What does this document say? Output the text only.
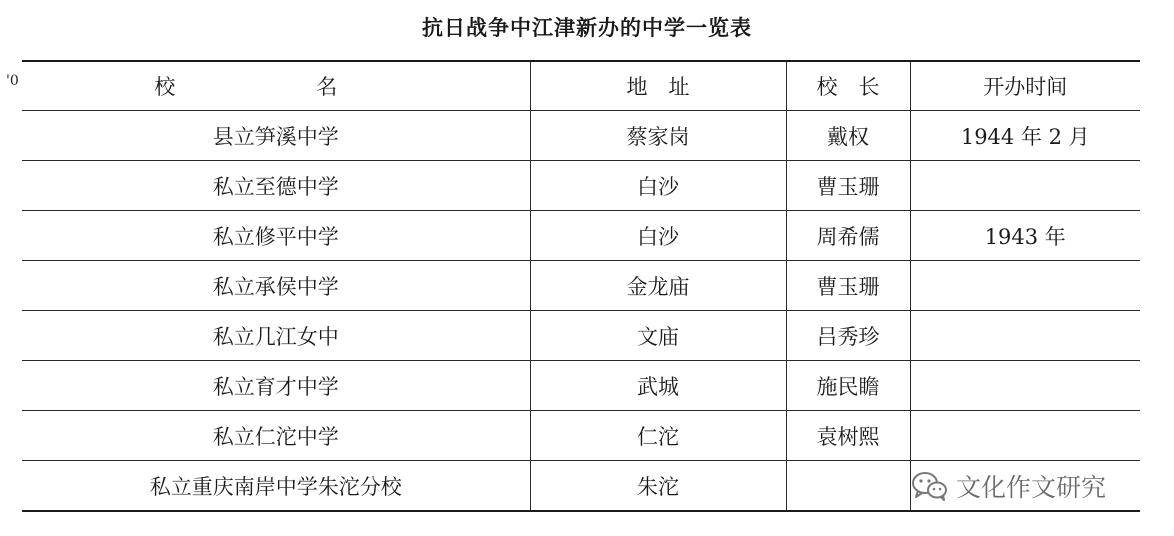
抗日战争中江津新办的中学一览表
'0	校　名	地　址	校　长	开办时间
县立笋溪中学	蔡家岗	戴权	1944 年 2 月
私立至德中学	白沙	曹玉珊	
私立修平中学	白沙	周希儒	1943 年
私立承侯中学	金龙庙	曹玉珊	
私立几江女中	文庙	吕秀珍	
私立育才中学	武城	施民瞻	
私立仁沱中学	仁沱	袁树熙	
私立重庆南岸中学朱沱分校	朱沱			文化作文研究
